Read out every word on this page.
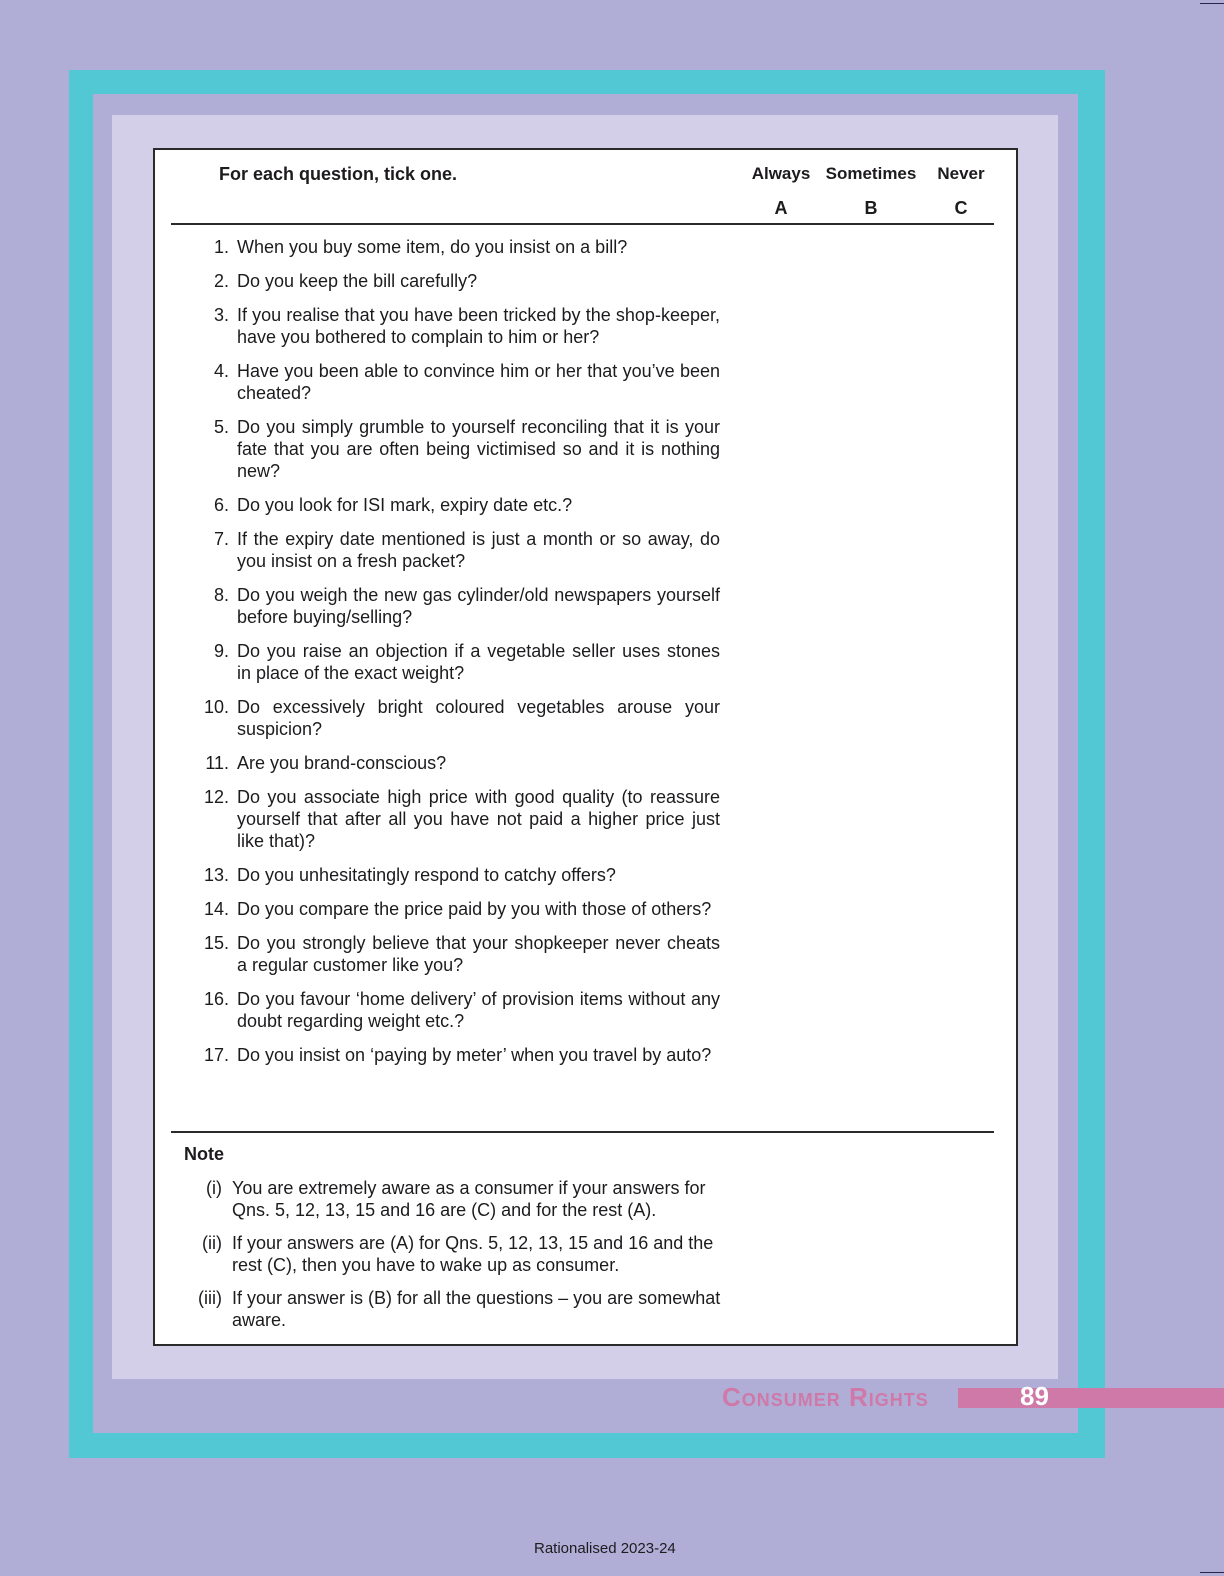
For each question, tick one.	Always
A
Sometimes
B
Never
C
1. When you buy some item, do you insist on a bill?
2. Do you keep the bill carefully?
3. If you realise that you have been tricked by the shop-keeper, have you bothered to complain to him or her?
4. Have you been able to convince him or her that you’ve been cheated?
5. Do you simply grumble to yourself reconciling that it is your fate that you are often being victimised so and it is nothing new?
6. Do you look for ISI mark, expiry date etc.?
7. If the expiry date mentioned is just a month or so away, do you insist on a fresh packet?
8. Do you weigh the new gas cylinder/old newspapers yourself before buying/selling?
9. Do you raise an objection if a vegetable seller uses stones in place of the exact weight?
10. Do excessively bright coloured vegetables arouse your suspicion?
11. Are you brand-conscious?
12. Do you associate high price with good quality (to reassure yourself that after all you have not paid a higher price just like that)?
13. Do you unhesitatingly respond to catchy offers?
14. Do you compare the price paid by you with those of others?
15. Do you strongly believe that your shopkeeper never cheats a regular customer like you?
16. Do you favour ‘home delivery’ of provision items without any doubt regarding weight etc.?
17. Do you insist on ‘paying by meter’ when you travel by auto?
Note
(i) You are extremely aware as a consumer if your answers for Qns. 5, 12, 13, 15 and 16 are (C) and for the rest (A).
(ii) If your answers are (A) for Qns. 5, 12, 13, 15 and 16 and the rest (C), then you have to wake up as consumer.
(iii) If your answer is (B) for all the questions – you are somewhat aware.
Consumer Rights	89
Rationalised 2023-24
